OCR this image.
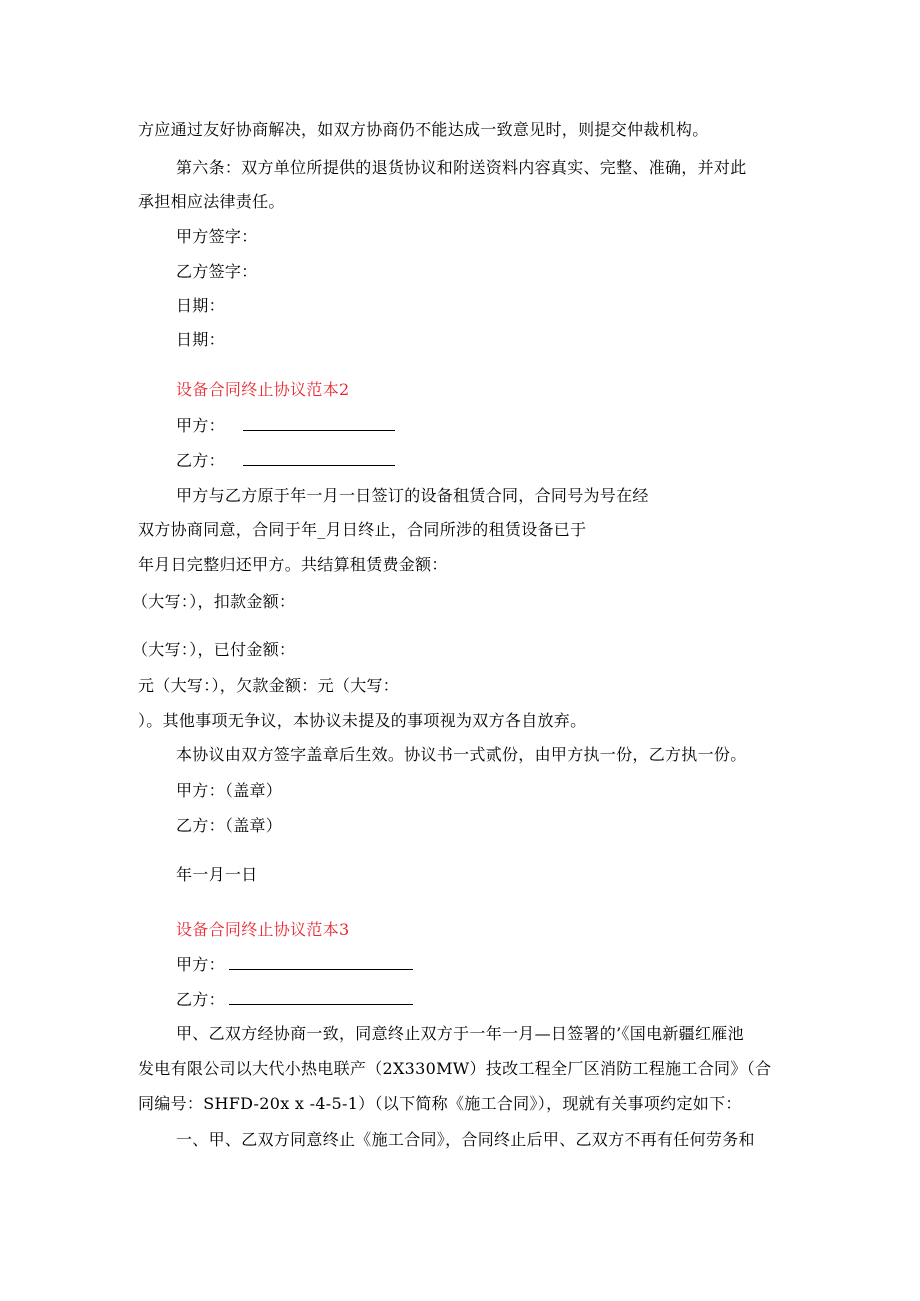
方应通过友好协商解决，如双方协商仍不能达成一致意见时，则提交仲裁机构。
第六条：双方单位所提供的退货协议和附送资料内容真实、完整、准确，并对此
承担相应法律责任。
甲方签字：
乙方签字：
日期：
日期：
设备合同终止协议范本2
甲方：
乙方：
甲方与乙方原于年一月一日签订的设备租赁合同，合同号为号在经
双方协商同意，合同于年_月日终止，合同所涉的租赁设备已于
年月日完整归还甲方。共结算租赁费金额：
（大写：），扣款金额：
（大写：），已付金额：
元（大写：），欠款金额：元（大写：
）。其他事项无争议，本协议未提及的事项视为双方各自放弃。
本协议由双方签字盖章后生效。协议书一式贰份，由甲方执一份，乙方执一份。
甲方：（盖章）
乙方：（盖章）
年一月一日
设备合同终止协议范本3
甲方：
乙方：
甲、乙双方经协商一致，同意终止双方于一年一月—日签署的’《国电新疆红雁池
发电有限公司以大代小热电联产（2X330MW）技改工程全厂区消防工程施工合同》（合
同编号：SHFD-20x x -4-5-1）（以下简称《施工合同》），现就有关事项约定如下：
一、甲、乙双方同意终止《施工合同》，合同终止后甲、乙双方不再有任何劳务和
